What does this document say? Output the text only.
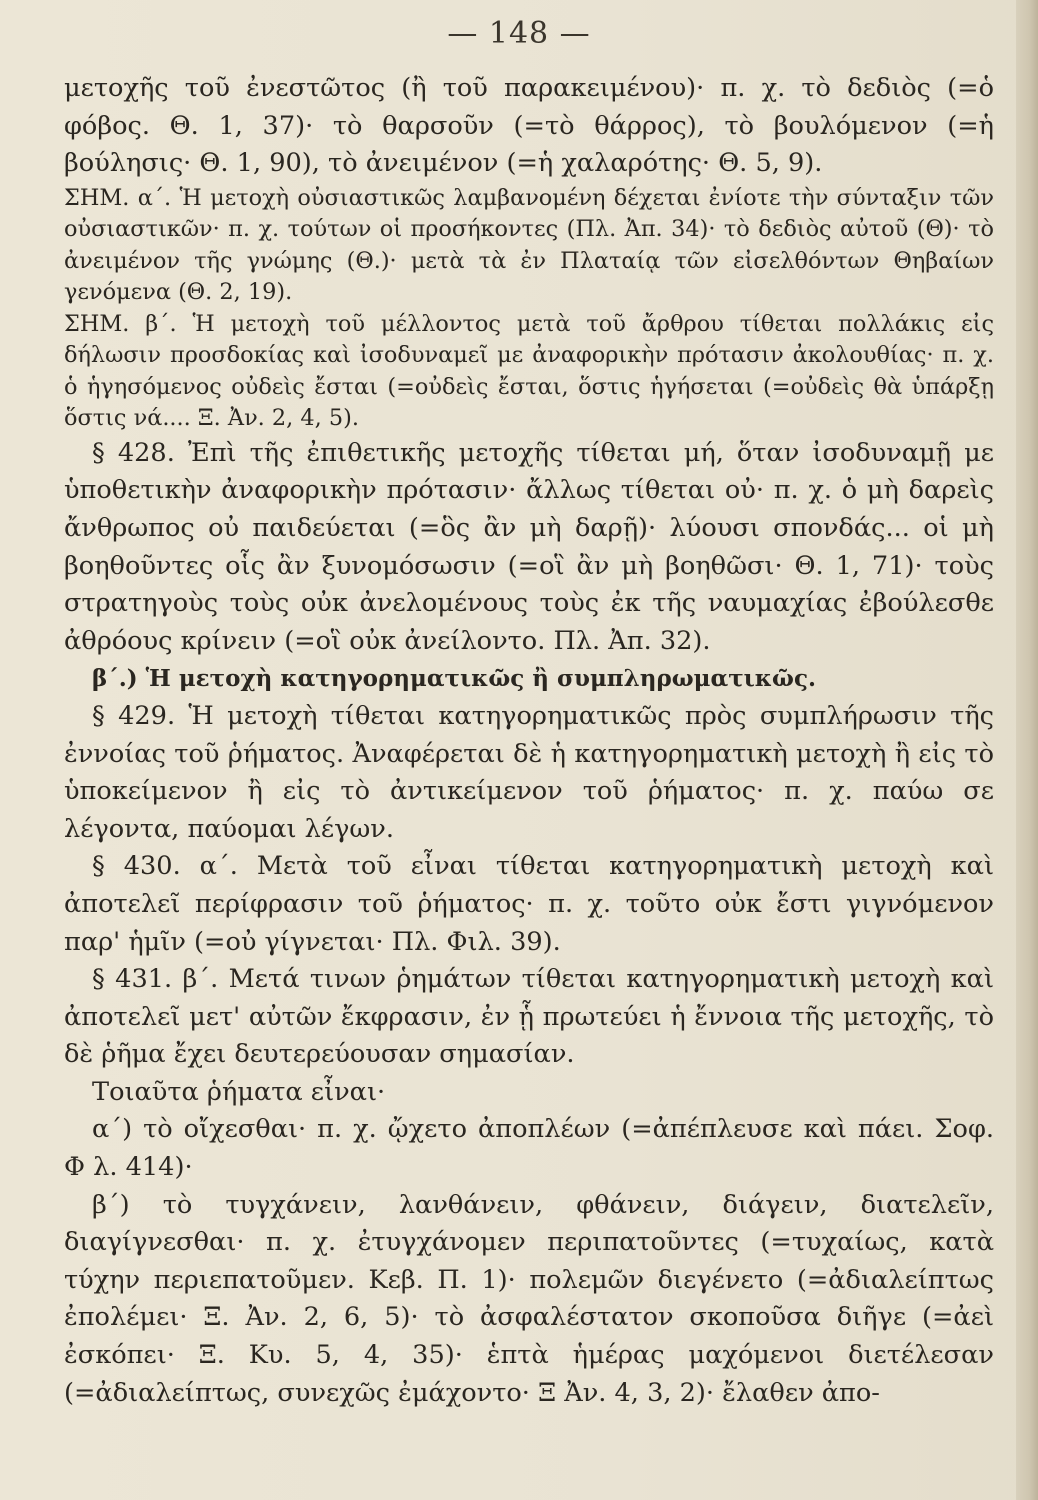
— 148 —

μετοχῆς τοῦ ἐνεστῶτος (ἢ τοῦ παρακειμένου)· π. χ. τὸ δεδιὸς (=ὁ φόβος. Θ. 1, 37)· τὸ θαρσοῦν (=τὸ θάρρος), τὸ βουλόμενον (=ἡ βούλησις· Θ. 1, 90), τὸ ἀνειμένον (=ἡ χαλαρότης· Θ. 5, 9).

ΣΗΜ. α΄. Ἡ μετοχὴ οὐσιαστικῶς λαμβανομένη δέχεται ἐνίοτε τὴν σύνταξιν τῶν οὐσιαστικῶν· π. χ. τούτων οἱ προσήκοντες (Πλ. Ἀπ. 34)· τὸ δεδιὸς αὐτοῦ (Θ)· τὸ ἀνειμένον τῆς γνώμης (Θ.)· μετὰ τὰ ἐν Πλαταίᾳ τῶν εἰσελθόντων Θηβαίων γενόμενα (Θ. 2, 19).

ΣΗΜ. β΄. Ἡ μετοχὴ τοῦ μέλλοντος μετὰ τοῦ ἄρθρου τίθεται πολλάκις εἰς δήλωσιν προσδοκίας καὶ ἰσοδυναμεῖ με ἀναφορικὴν πρότασιν ἀκολουθίας· π. χ. ὁ ἡγησόμενος οὐδεὶς ἔσται (=οὐδεὶς ἔσται, ὅστις ἡγήσεται (=οὐδεὶς θὰ ὑπάρξῃ ὅστις νά.... Ξ. Ἀν. 2, 4, 5).

§ 428. Ἐπὶ τῆς ἐπιθετικῆς μετοχῆς τίθεται μή, ὅταν ἰσοδυναμῇ με ὑποθετικὴν ἀναφορικὴν πρότασιν· ἄλλως τίθεται οὐ· π. χ. ὁ μὴ δαρεὶς ἄνθρωπος οὐ παιδεύεται (=ὃς ἂν μὴ δαρῇ)· λύουσι σπονδάς... οἱ μὴ βοηθοῦντες οἷς ἂν ξυνομόσωσιν (=οἳ ἂν μὴ βοηθῶσι· Θ. 1, 71)· τοὺς στρατηγοὺς τοὺς οὐκ ἀνελομένους τοὺς ἐκ τῆς ναυμαχίας ἐβούλεσθε ἀθρόους κρίνειν (=οἳ οὐκ ἀνείλοντο. Πλ. Ἀπ. 32).

β΄.) Ἡ μετοχὴ κατηγορηματικῶς ἢ συμπληρωματικῶς.

§ 429. Ἡ μετοχὴ τίθεται κατηγορηματικῶς πρὸς συμπλήρωσιν τῆς ἐννοίας τοῦ ῥήματος. Ἀναφέρεται δὲ ἡ κατηγορηματικὴ μετοχὴ ἢ εἰς τὸ ὑποκείμενον ἢ εἰς τὸ ἀντικείμενον τοῦ ῥήματος· π. χ. παύω σε λέγοντα, παύομαι λέγων.

§ 430. α΄. Μετὰ τοῦ εἶναι τίθεται κατηγορηματικὴ μετοχὴ καὶ ἀποτελεῖ περίφρασιν τοῦ ῥήματος· π. χ. τοῦτο οὐκ ἔστι γιγνόμενον παρ' ἡμῖν (=οὐ γίγνεται· Πλ. Φιλ. 39).

§ 431. β΄. Μετά τινων ῥημάτων τίθεται κατηγορηματικὴ μετοχὴ καὶ ἀποτελεῖ μετ' αὐτῶν ἔκφρασιν, ἐν ᾗ πρωτεύει ἡ ἔννοια τῆς μετοχῆς, τὸ δὲ ῥῆμα ἔχει δευτερεύουσαν σημασίαν.

Τοιαῦτα ῥήματα εἶναι·

α΄) τὸ οἴχεσθαι· π. χ. ᾤχετο ἀποπλέων (=ἀπέπλευσε καὶ πάει. Σοφ. Φ λ. 414)·

β΄) τὸ τυγχάνειν, λανθάνειν, φθάνειν, διάγειν, διατελεῖν, διαγίγνεσθαι· π. χ. ἐτυγχάνομεν περιπατοῦντες (=τυχαίως, κατὰ τύχην περιεπατοῦμεν. Κεβ. Π. 1)· πολεμῶν διεγένετο (=ἀδιαλείπτως ἐπολέμει· Ξ. Ἀν. 2, 6, 5)· τὸ ἀσφαλέστατον σκοποῦσα διῆγε (=ἀεὶ ἐσκόπει· Ξ. Κυ. 5, 4, 35)· ἑπτὰ ἡμέρας μαχόμενοι διετέλεσαν (=ἀδιαλείπτως, συνεχῶς ἐμάχοντο· Ξ Ἀν. 4, 3, 2)· ἔλαθεν ἀπο-
